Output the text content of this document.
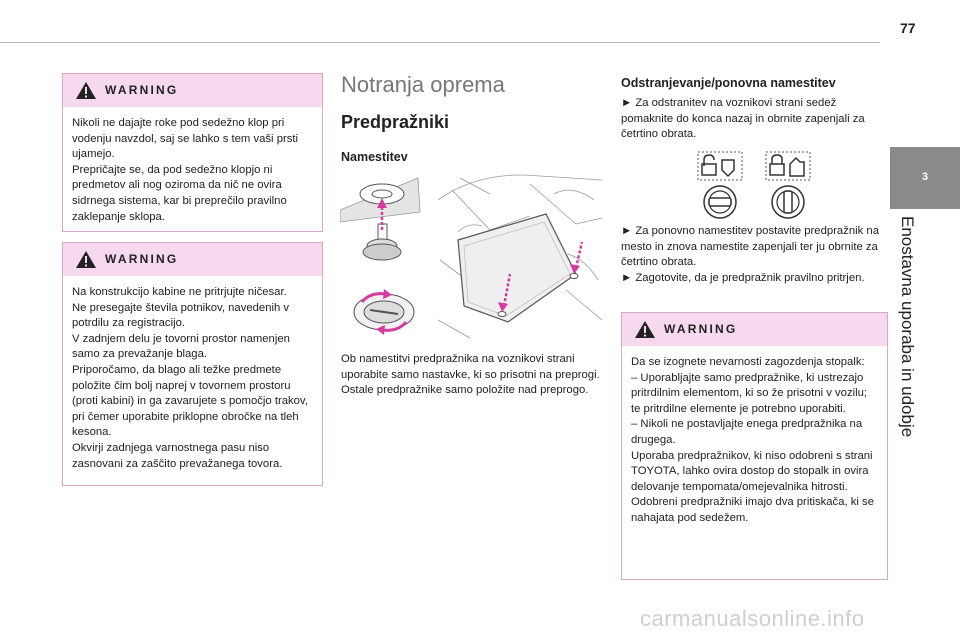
77
3
Enostavna uporaba in udobje
WARNING
Nikoli ne dajajte roke pod sedežno klop pri vodenju navzdol, saj se lahko s tem vaši prsti ujamejo.
Prepričajte se, da pod sedežno klopjo ni predmetov ali nog oziroma da nič ne ovira sidrnega sistema, kar bi preprečilo pravilno zaklepanje sklopa.
WARNING
Na konstrukcijo kabine ne pritrjujte ničesar.
Ne presegajte števila potnikov, navedenih v potrdilu za registracijo.
V zadnjem delu je tovorni prostor namenjen samo za prevažanje blaga.
Priporočamo, da blago ali težke predmete položite čim bolj naprej v tovornem prostoru (proti kabini) in ga zavarujete s pomočjo trakov, pri čemer uporabite priklopne obročke na tleh kesona.
Okvirji zadnjega varnostnega pasu niso zasnovani za zaščito prevažanega tovora.
Notranja oprema
Predpražniki
Namestitev
Ob namestitvi predpražnika na voznikovi strani uporabite samo nastavke, ki so prisotni na preprogi.
Ostale predpražnike samo položite nad preprogo.
Odstranjevanje/ponovna namestitev
► Za odstranitev na voznikovi strani sedež pomaknite do konca nazaj in obrnite zapenjali za četrtino obrata.
► Za ponovno namestitev postavite predpražnik na mesto in znova namestite zapenjali ter ju obrnite za četrtino obrata.
► Zagotovite, da je predpražnik pravilno pritrjen.
WARNING
Da se izognete nevarnosti zagozdenja stopalk:
– Uporabljajte samo predpražnike, ki ustrezajo pritrdilnim elementom, ki so že prisotni v vozilu; te pritrdilne elemente je potrebno uporabiti.
– Nikoli ne postavljajte enega predpražnika na drugega.
Uporaba predpražnikov, ki niso odobreni s strani TOYOTA, lahko ovira dostop do stopalk in ovira delovanje tempomata/omejevalnika hitrosti.
Odobreni predpražniki imajo dva pritiskača, ki se nahajata pod sedežem.
carmanualsonline.info
